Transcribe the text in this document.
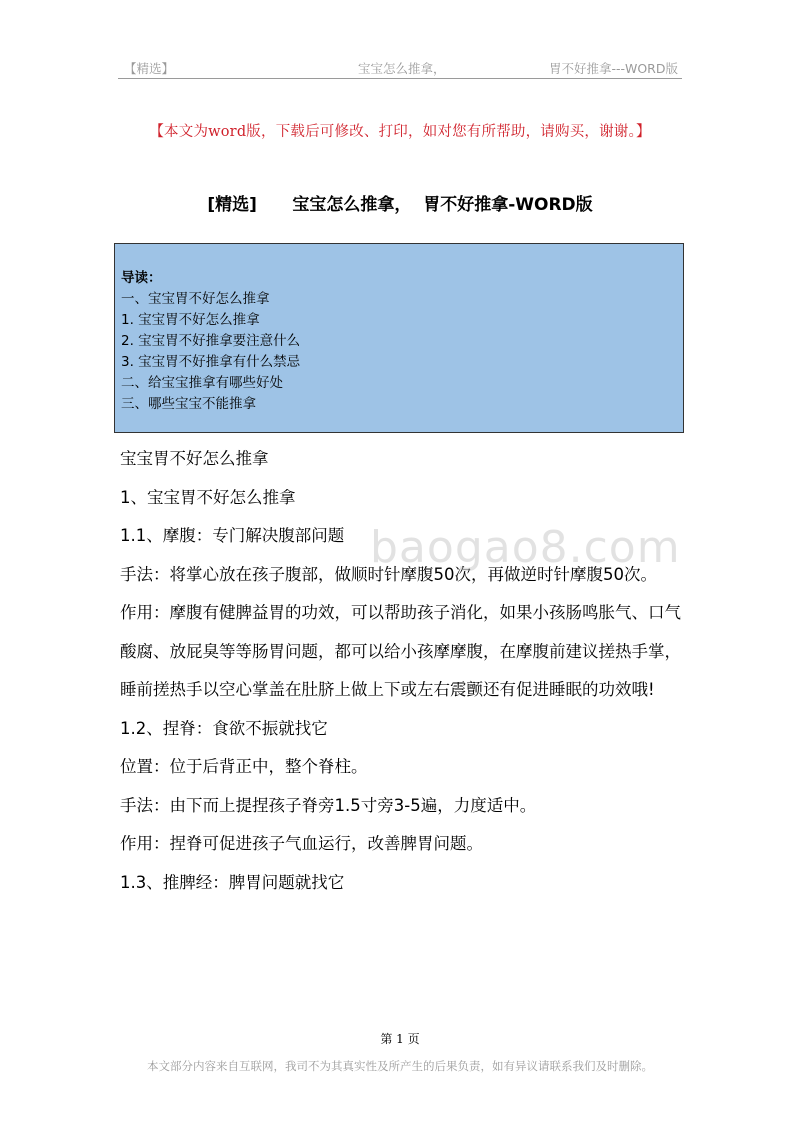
【精选】	宝宝怎么推拿，	胃不好推拿---WORD版
【本文为word版，下载后可修改、打印，如对您有所帮助，请购买，谢谢。】
[精选]      宝宝怎么推拿，  胃不好推拿-WORD版
导读：
一、宝宝胃不好怎么推拿
1. 宝宝胃不好怎么推拿
2. 宝宝胃不好推拿要注意什么
3. 宝宝胃不好推拿有什么禁忌
二、给宝宝推拿有哪些好处
三、哪些宝宝不能推拿

宝宝胃不好怎么推拿

1、宝宝胃不好怎么推拿

1.1、摩腹：专门解决腹部问题

手法：将掌心放在孩子腹部，做顺时针摩腹50次，再做逆时针摩腹50次。

作用：摩腹有健脾益胃的功效，可以帮助孩子消化，如果小孩肠鸣胀气、口气酸腐、放屁臭等等肠胃问题，都可以给小孩摩摩腹，在摩腹前建议搓热手掌，睡前搓热手以空心掌盖在肚脐上做上下或左右震颤还有促进睡眠的功效哦!

1.2、捏脊：食欲不振就找它

位置：位于后背正中，整个脊柱。

手法：由下而上提捏孩子脊旁1.5寸旁3-5遍，力度适中。

作用：捏脊可促进孩子气血运行，改善脾胃问题。

1.3、推脾经：脾胃问题就找它

baogao8.com
第 1 页
本文部分内容来自互联网，我司不为其真实性及所产生的后果负责，如有异议请联系我们及时删除。
